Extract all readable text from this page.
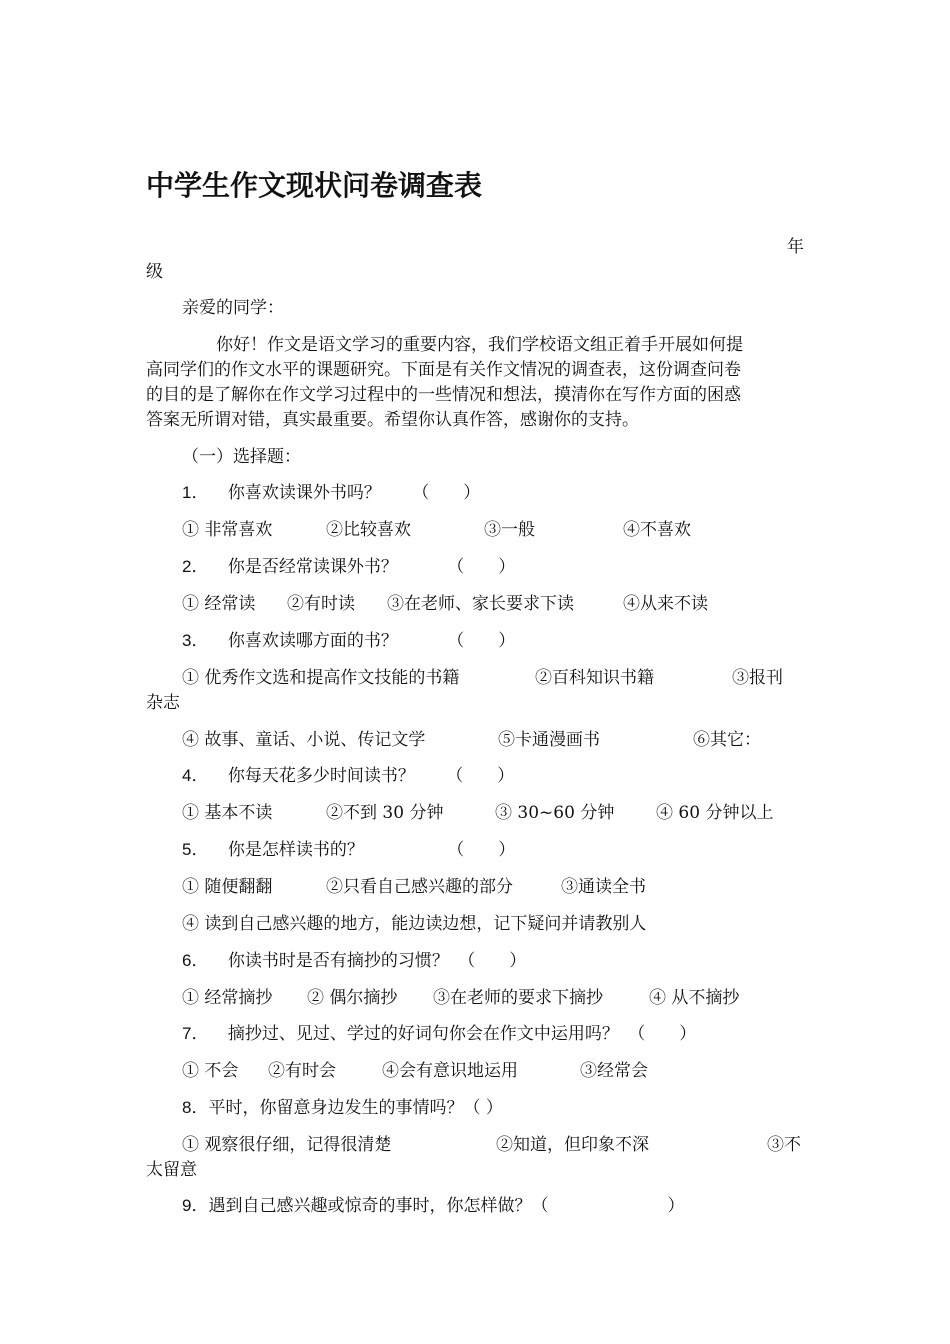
中学生作文现状问卷调查表
年
级
亲爱的同学：
你好！作文是语文学习的重要内容，我们学校语文组正着手开展如何提
高同学们的作文水平的课题研究。下面是有关作文情况的调查表，这份调查问卷
的目的是了解你在作文学习过程中的一些情况和想法，摸清你在写作方面的困惑
答案无所谓对错，真实最重要。希望你认真作答，感谢你的支持。
（一）选择题：
1． 你喜欢读课外书吗？ （　　）
① 非常喜欢	②比较喜欢	③一般	④不喜欢
2． 你是否经常读课外书？	（　　）
① 经常读 ②有时读 ③在老师、家长要求下读	④从来不读
3． 你喜欢读哪方面的书？	（　　）
① 优秀作文选和提高作文技能的书籍	②百科知识书籍	③报刊
杂志
④ 故事、童话、小说、传记文学	⑤卡通漫画书	⑥其它：
4． 你每天花多少时间读书？ （　　）
① 基本不读	②不到 30 分钟	③ 30~60 分钟 ④ 60 分钟以上
5． 你是怎样读书的？	（　　）
① 随便翻翻	②只看自己感兴趣的部分	③通读全书
④ 读到自己感兴趣的地方，能边读边想，记下疑问并请教别人
6． 你读书时是否有摘抄的习惯？ （　　）
① 经常摘抄 ② 偶尔摘抄 ③在老师的要求下摘抄	④ 从不摘抄
7． 摘抄过、见过、学过的好词句你会在作文中运用吗？ （　　）
① 不会 ②有时会	④会有意识地运用	③经常会
8．平时，你留意身边发生的事情吗？（ ）
① 观察很仔细，记得很清楚	②知道，但印象不深	③不
太留意
9．遇到自己感兴趣或惊奇的事时，你怎样做？（　　　　　　　）
